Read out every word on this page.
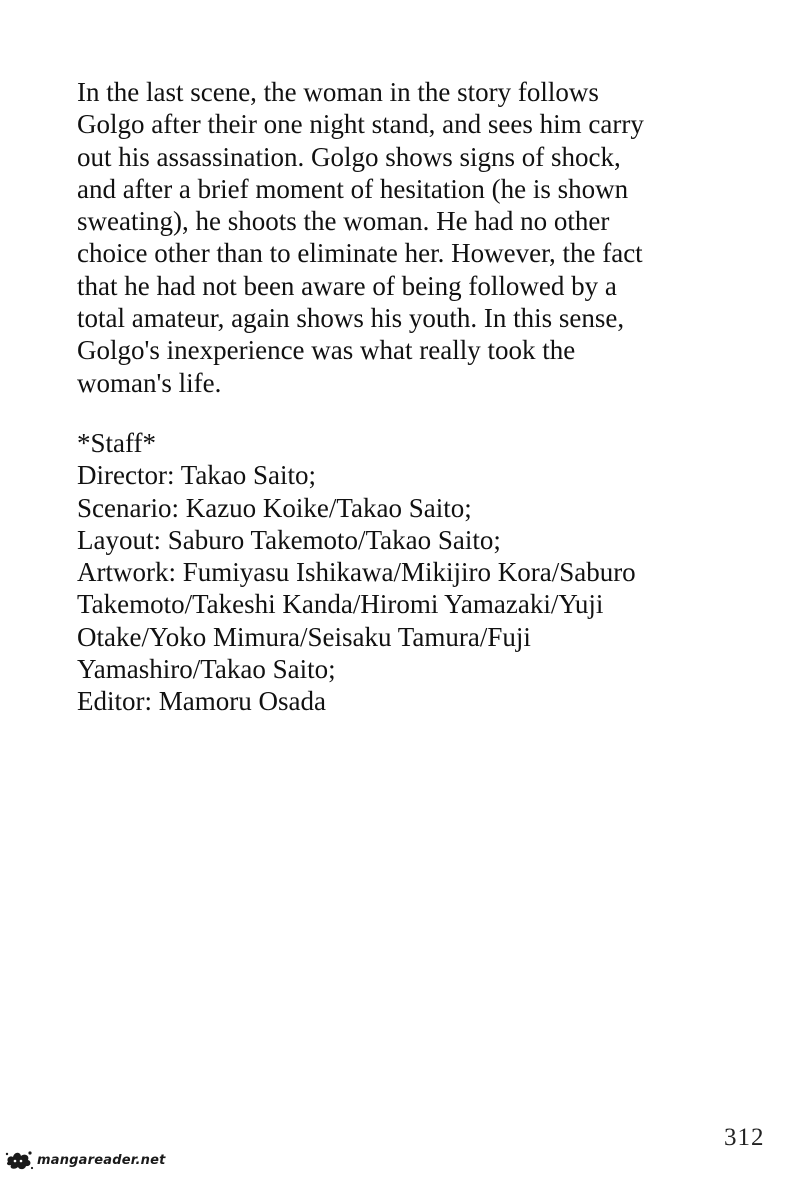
In the last scene, the woman in the story follows
Golgo after their one night stand, and sees him carry
out his assassination. Golgo shows signs of shock,
and after a brief moment of hesitation (he is shown
sweating), he shoots the woman. He had no other
choice other than to eliminate her. However, the fact
that he had not been aware of being followed by a
total amateur, again shows his youth. In this sense,
Golgo's inexperience was what really took the
woman's life.
*Staff*
Director: Takao Saito;
Scenario: Kazuo Koike/Takao Saito;
Layout: Saburo Takemoto/Takao Saito;
Artwork: Fumiyasu Ishikawa/Mikijiro Kora/Saburo
Takemoto/Takeshi Kanda/Hiromi Yamazaki/Yuji
Otake/Yoko Mimura/Seisaku Tamura/Fuji
Yamashiro/Takao Saito;
Editor: Mamoru Osada
312
mangareader.net
